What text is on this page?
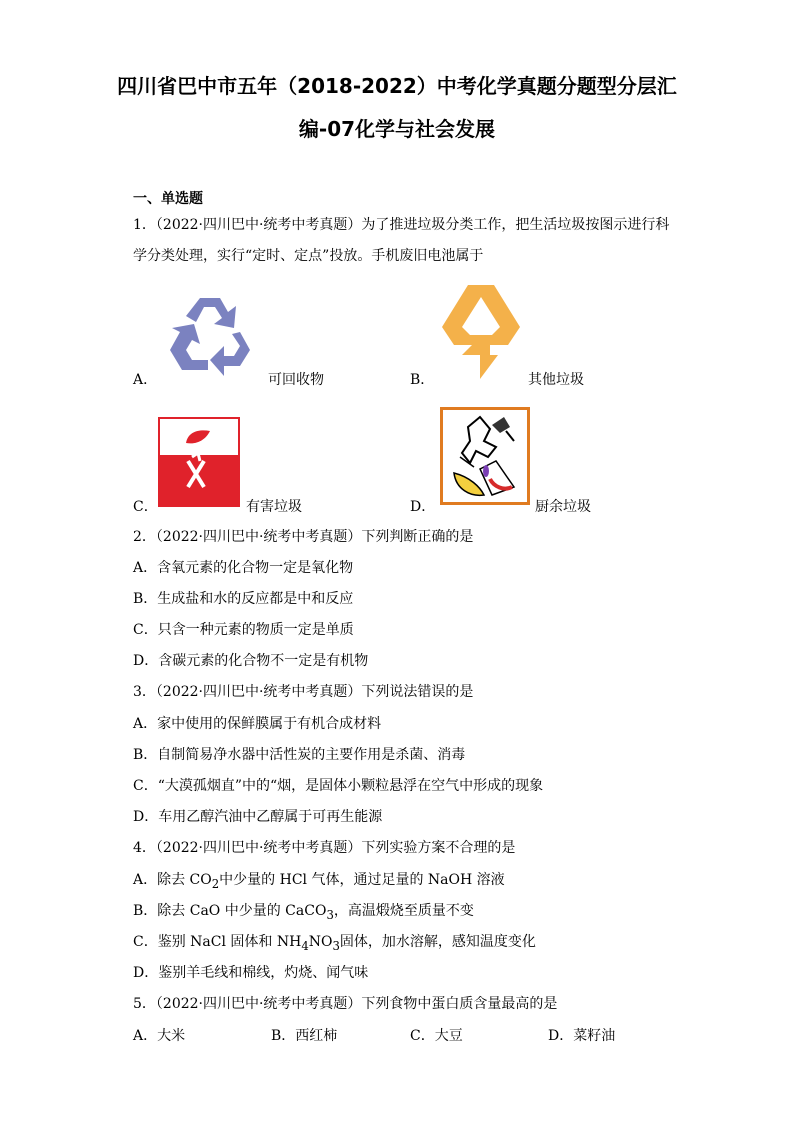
四川省巴中市五年（2018-2022）中考化学真题分题型分层汇
编-07化学与社会发展
一、单选题
1．（2022·四川巴中·统考中考真题）为了推进垃圾分类工作，把生活垃圾按图示进行科
学分类处理，实行“定时、定点”投放。手机废旧电池属于
A．	可回收物	B．	其他垃圾
C．	有害垃圾	D．	厨余垃圾
2．（2022·四川巴中·统考中考真题）下列判断正确的是
A．含氧元素的化合物一定是氧化物
B．生成盐和水的反应都是中和反应
C．只含一种元素的物质一定是单质
D．含碳元素的化合物不一定是有机物
3．（2022·四川巴中·统考中考真题）下列说法错误的是
A．家中使用的保鲜膜属于有机合成材料
B．自制简易净水器中活性炭的主要作用是杀菌、消毒
C．“大漠孤烟直”中的“烟，是固体小颗粒悬浮在空气中形成的现象
D．车用乙醇汽油中乙醇属于可再生能源
4．（2022·四川巴中·统考中考真题）下列实验方案不合理的是
A．除去 $CO_2$中少量的 HCl 气体，通过足量的 NaOH 溶液
B．除去 CaO 中少量的 CaCO$_3$，高温煅烧至质量不变
C．鉴别 NaCl 固体和 $NH_4NO_3$固体，加水溶解，感知温度变化
D．鉴别羊毛线和棉线，灼烧、闻气味
5．（2022·四川巴中·统考中考真题）下列食物中蛋白质含量最高的是
A．大米	B．西红柿	C．大豆	D．菜籽油
